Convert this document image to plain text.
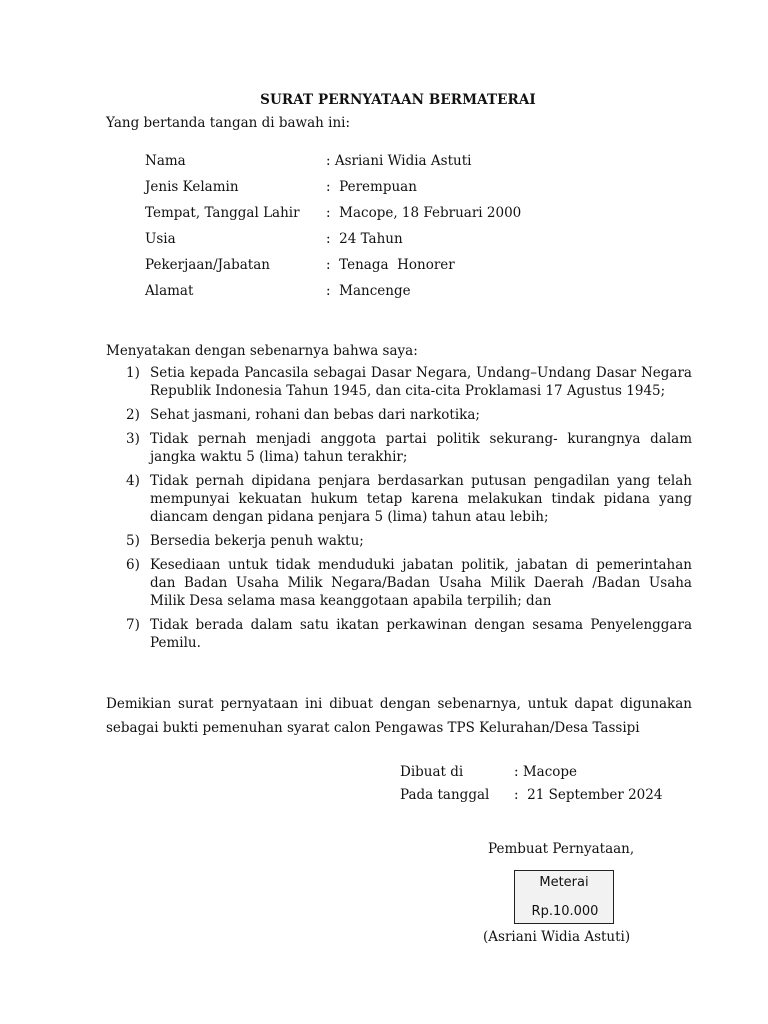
SURAT PERNYATAAN BERMATERAI
Yang bertanda tangan di bawah ini:
Nama	: Asriani Widia Astuti
Jenis Kelamin	:  Perempuan
Tempat, Tanggal Lahir :  Macope, 18 Februari 2000
Usia	:  24 Tahun
Pekerjaan/Jabatan	:  Tenaga  Honorer
Alamat	:  Mancenge
Menyatakan dengan sebenarnya bahwa saya:
1) Setia kepada Pancasila sebagai Dasar Negara, Undang–Undang Dasar Negara Republik Indonesia Tahun 1945, dan cita-cita Proklamasi 17 Agustus 1945;
2) Sehat jasmani, rohani dan bebas dari narkotika;
3) Tidak pernah menjadi anggota partai politik sekurang- kurangnya dalam jangka waktu 5 (lima) tahun terakhir;
4) Tidak pernah dipidana penjara berdasarkan putusan pengadilan yang telah mempunyai kekuatan hukum tetap karena melakukan tindak pidana yang diancam dengan pidana penjara 5 (lima) tahun atau lebih;
5) Bersedia bekerja penuh waktu;
6) Kesediaan untuk tidak menduduki jabatan politik, jabatan di pemerintahan dan Badan Usaha Milik Negara/Badan Usaha Milik Daerah /Badan Usaha Milik Desa selama masa keanggotaan apabila terpilih; dan
7) Tidak berada dalam satu ikatan perkawinan dengan sesama Penyelenggara Pemilu.
Demikian surat pernyataan ini dibuat dengan sebenarnya, untuk dapat digunakan sebagai bukti pemenuhan syarat calon Pengawas TPS Kelurahan/Desa Tassipi
Dibuat di	: Macope
Pada tanggal :  21 September 2024
Pembuat Pernyataan,
Meterai
Rp.10.000
(Asriani Widia Astuti)
